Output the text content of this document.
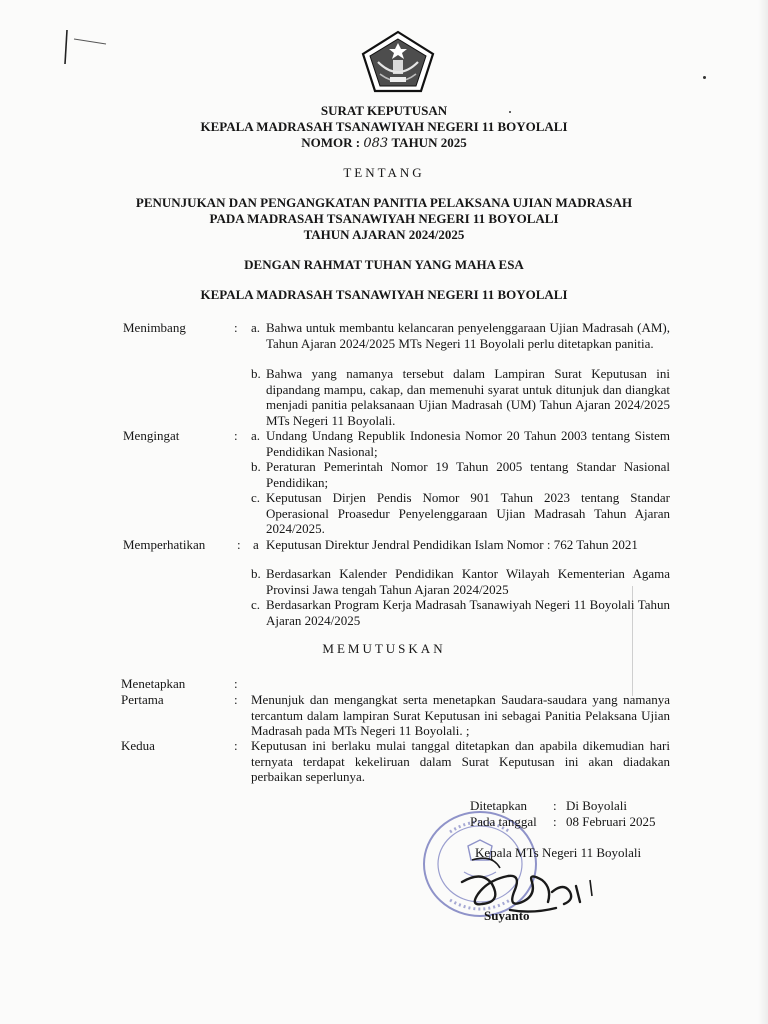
SURAT KEPUTUSAN
KEPALA MADRASAH TSANAWIYAH NEGERI 11 BOYOLALI
NOMOR : 083 TAHUN 2025
TENTANG
PENUNJUKAN DAN PENGANGKATAN PANITIA PELAKSANA UJIAN MADRASAH
PADA MADRASAH TSANAWIYAH NEGERI 11 BOYOLALI
TAHUN AJARAN 2024/2025
DENGAN RAHMAT TUHAN YANG MAHA ESA
KEPALA MADRASAH TSANAWIYAH NEGERI 11 BOYOLALI
Menimbang	: a. Bahwa untuk membantu kelancaran penyelenggaraan Ujian Madrasah (AM), Tahun Ajaran 2024/2025 MTs Negeri 11 Boyolali perlu ditetapkan panitia.
b. Bahwa yang namanya tersebut dalam Lampiran Surat Keputusan ini dipandang mampu, cakap, dan memenuhi syarat untuk ditunjuk dan diangkat menjadi panitia pelaksanaan Ujian Madrasah (UM) Tahun Ajaran 2024/2025 MTs Negeri 11 Boyolali.
Mengingat	: a. Undang Undang Republik Indonesia Nomor 20 Tahun 2003 tentang Sistem Pendidikan Nasional;
b. Peraturan Pemerintah Nomor 19 Tahun 2005 tentang Standar Nasional Pendidikan;
c. Keputusan Dirjen Pendis Nomor 901 Tahun 2023 tentang Standar Operasional Proasedur Penyelenggaraan Ujian Madrasah Tahun Ajaran 2024/2025.
Memperhatikan : a Keputusan Direktur Jendral Pendidikan Islam Nomor : 762 Tahun 2021
b. Berdasarkan Kalender Pendidikan Kantor Wilayah Kementerian Agama Provinsi Jawa tengah Tahun Ajaran 2024/2025
c. Berdasarkan Program Kerja Madrasah Tsanawiyah Negeri 11 Boyolali Tahun Ajaran 2024/2025
MEMUTUSKAN
Menetapkan	:
Pertama	: Menunjuk dan mengangkat serta menetapkan Saudara-saudara yang namanya tercantum dalam lampiran Surat Keputusan ini sebagai Panitia Pelaksana Ujian Madrasah pada MTs Negeri 11 Boyolali. ;
Kedua	: Keputusan ini berlaku mulai tanggal ditetapkan dan apabila dikemudian hari ternyata terdapat kekeliruan dalam Surat Keputusan ini akan diadakan perbaikan seperlunya.
Ditetapkan : Di Boyolali
Pada tanggal : 08 Februari 2025
Kepala MTs Negeri 11 Boyolali
Suyanto
